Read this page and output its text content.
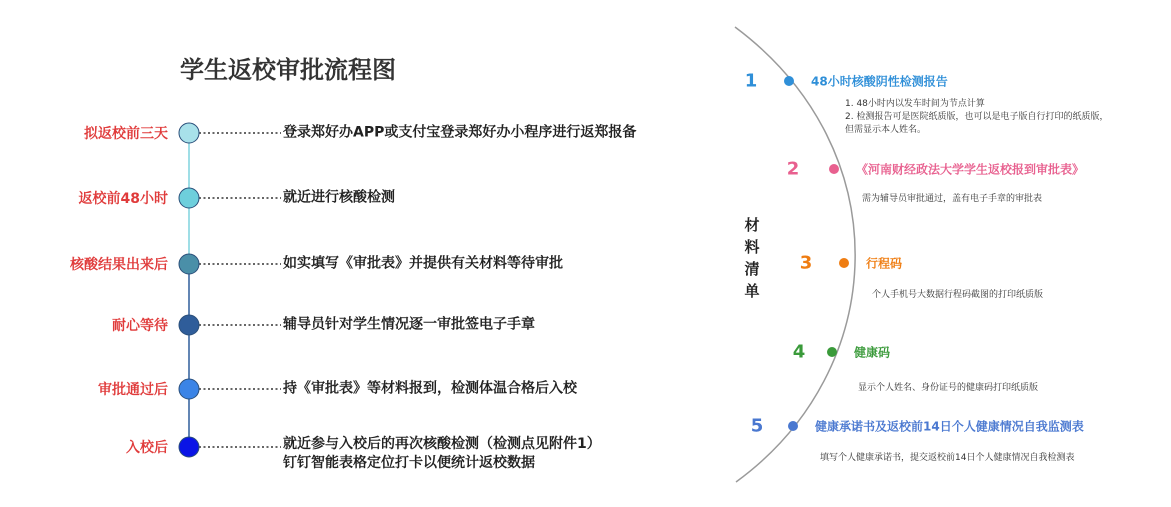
学生返校审批流程图
拟返校前三天	登录郑好办APP或支付宝登录郑好办小程序进行返郑报备
返校前48小时	就近进行核酸检测
核酸结果出来后	如实填写《审批表》并提供有关材料等待审批
耐心等待	辅导员针对学生情况逐一审批签电子手章
审批通过后	持《审批表》等材料报到，检测体温合格后入校
入校后	就近参与入校后的再次核酸检测（检测点见附件1）
钉钉智能表格定位打卡以便统计返校数据
材
料
清
单
1	48小时核酸阴性检测报告
1. 48小时内以发车时间为节点计算
2. 检测报告可是医院纸质版，也可以是电子版自行打印的纸质版，
但需显示本人姓名。
2	《河南财经政法大学学生返校报到审批表》
需为辅导员审批通过，盖有电子手章的审批表
3	行程码
个人手机号大数据行程码截图的打印纸质版
4	健康码
显示个人姓名、身份证号的健康码打印纸质版
5	健康承诺书及返校前14日个人健康情况自我监测表
填写个人健康承诺书，提交返校前14日个人健康情况自我检测表
